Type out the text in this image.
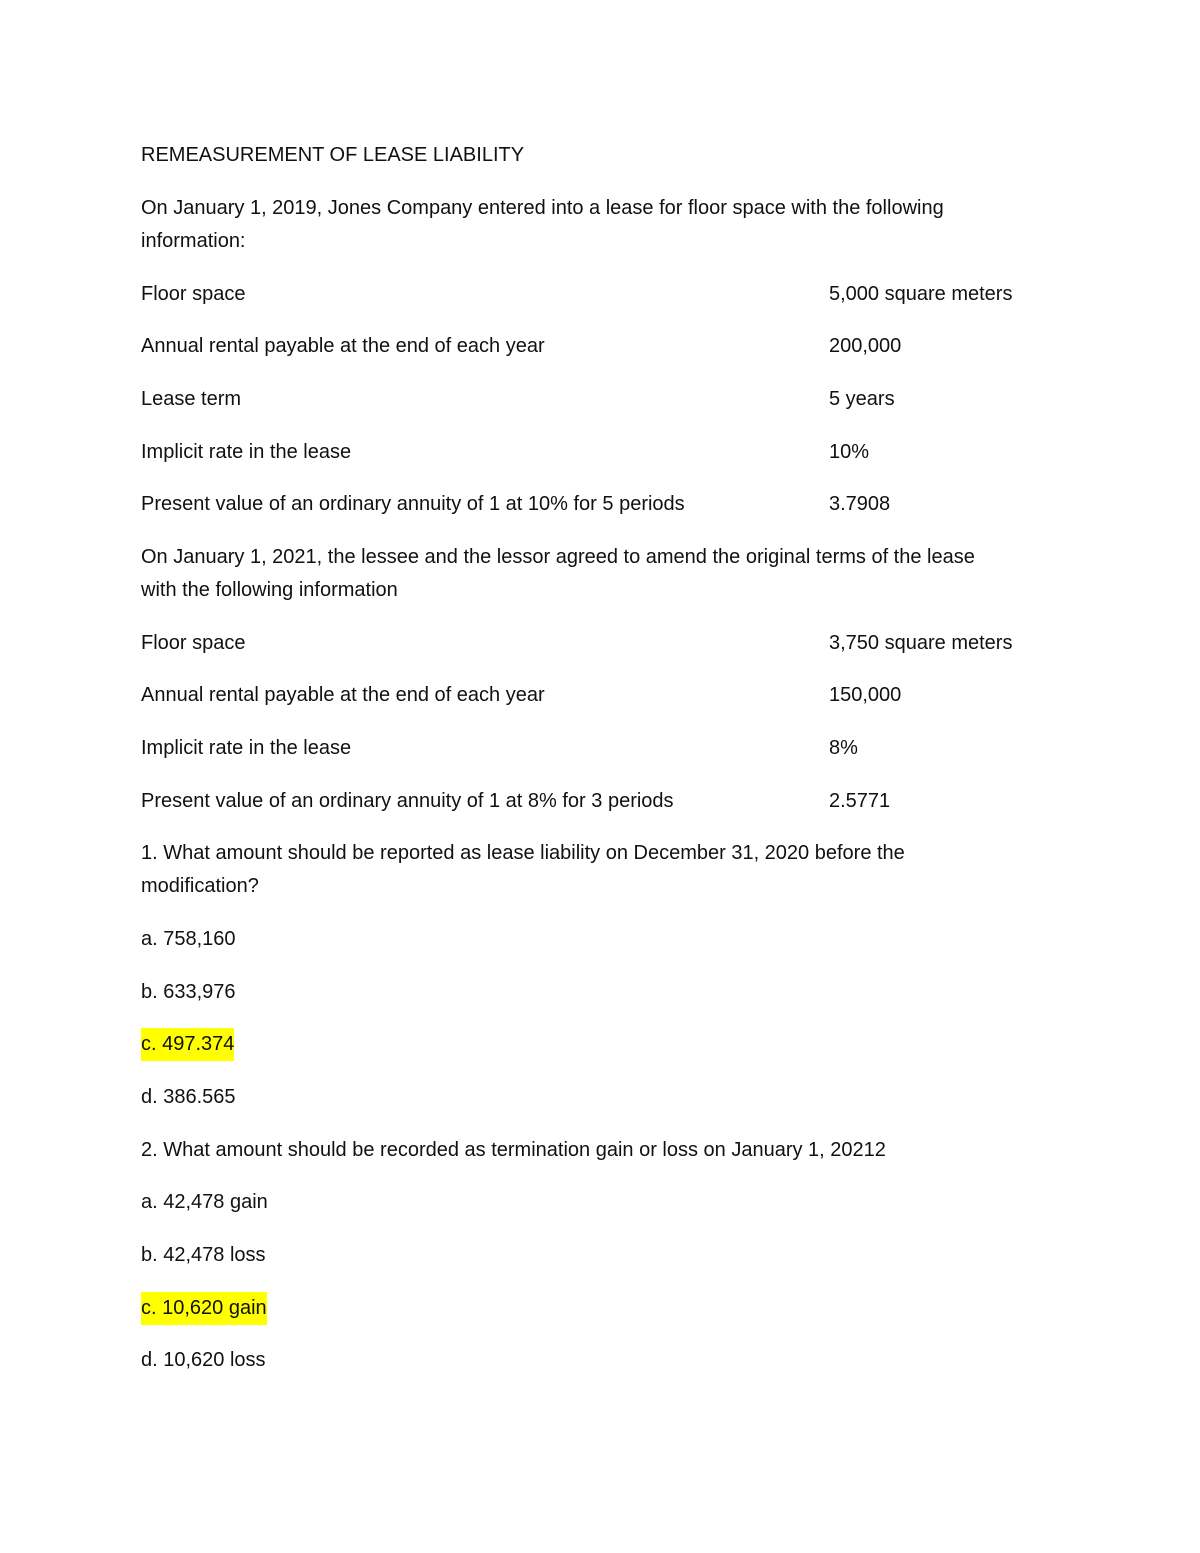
REMEASUREMENT OF LEASE LIABILITY
On January 1, 2019, Jones Company entered into a lease for floor space with the following
information:
Floor space	5,000 square meters
Annual rental payable at the end of each year	200,000
Lease term	5 years
Implicit rate in the lease	10%
Present value of an ordinary annuity of 1 at 10% for 5 periods	3.7908
On January 1, 2021, the lessee and the lessor agreed to amend the original terms of the lease
with the following information
Floor space	3,750 square meters
Annual rental payable at the end of each year	150,000
Implicit rate in the lease	8%
Present value of an ordinary annuity of 1 at 8% for 3 periods	2.5771
1. What amount should be reported as lease liability on December 31, 2020 before the
modification?
a. 758,160
b. 633,976
c. 497.374
d. 386.565
2. What amount should be recorded as termination gain or loss on January 1, 20212
a. 42,478 gain
b. 42,478 loss
c. 10,620 gain
d. 10,620 loss
